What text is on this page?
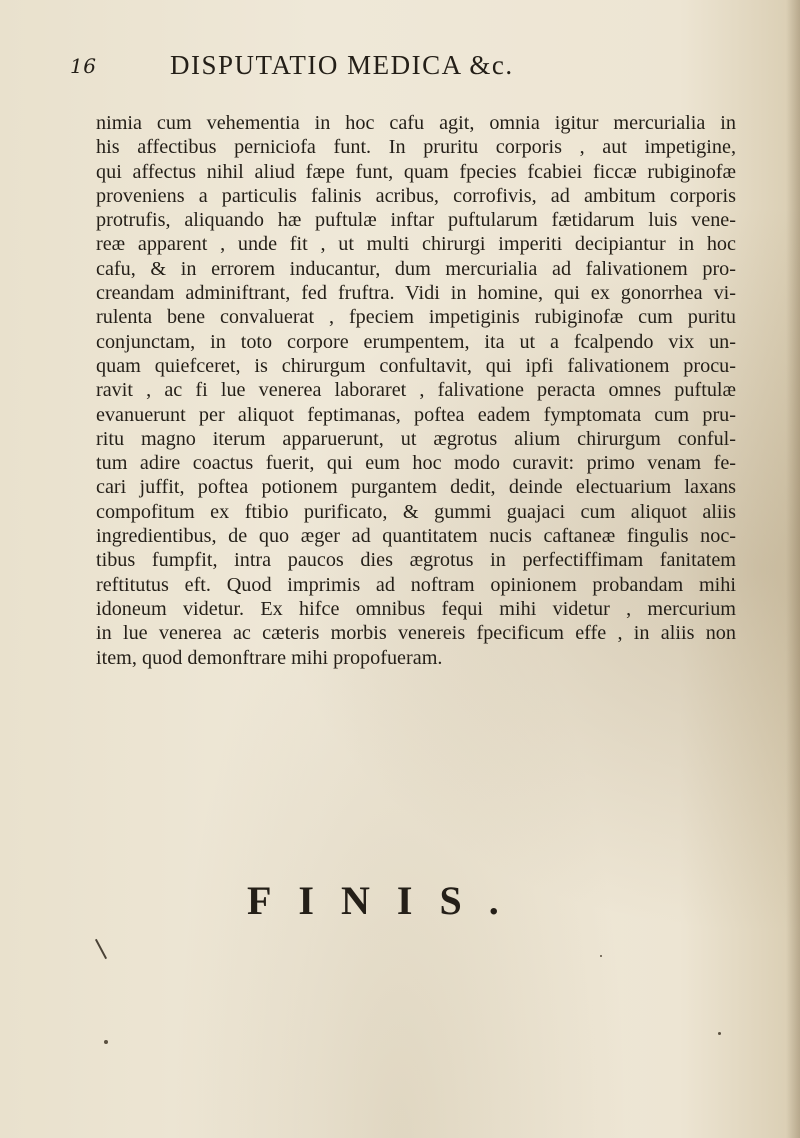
16	DISPUTATIO MEDICA &c.
nimia cum vehementia in hoc cafu agit, omnia igitur mercurialia in
his affectibus perniciofa funt. In pruritu corporis , aut impetigine,
qui affectus nihil aliud fæpe funt, quam fpecies fcabiei ficcæ rubiginofæ
proveniens a particulis falinis acribus, corrofivis, ad ambitum corporis
protrufis, aliquando hæ puftulæ inftar puftularum fætidarum luis vene-
reæ apparent , unde fit , ut multi chirurgi imperiti decipiantur in hoc
cafu, & in errorem inducantur, dum mercurialia ad falivationem pro-
creandam adminiftrant, fed fruftra. Vidi in homine, qui ex gonorrhea vi-
rulenta bene convaluerat , fpeciem impetiginis rubiginofæ cum puritu
conjunctam, in toto corpore erumpentem, ita ut a fcalpendo vix un-
quam quiefceret, is chirurgum confultavit, qui ipfi falivationem procu-
ravit , ac fi lue venerea laboraret , falivatione peracta omnes puftulæ
evanuerunt per aliquot feptimanas, poftea eadem fymptomata cum pru-
ritu magno iterum apparuerunt, ut ægrotus alium chirurgum conful-
tum adire coactus fuerit, qui eum hoc modo curavit: primo venam fe-
cari juffit, poftea potionem purgantem dedit, deinde electuarium laxans
compofitum ex ftibio purificato, & gummi guajaci cum aliquot aliis
ingredientibus, de quo æger ad quantitatem nucis caftaneæ fingulis noc-
tibus fumpfit, intra paucos dies ægrotus in perfectiffimam fanitatem
reftitutus eft. Quod imprimis ad noftram opinionem probandam mihi
idoneum videtur. Ex hifce omnibus fequi mihi videtur , mercurium
in lue venerea ac cæteris morbis venereis fpecificum effe , in aliis non
item, quod demonftrare mihi propofueram.
FINIS.
